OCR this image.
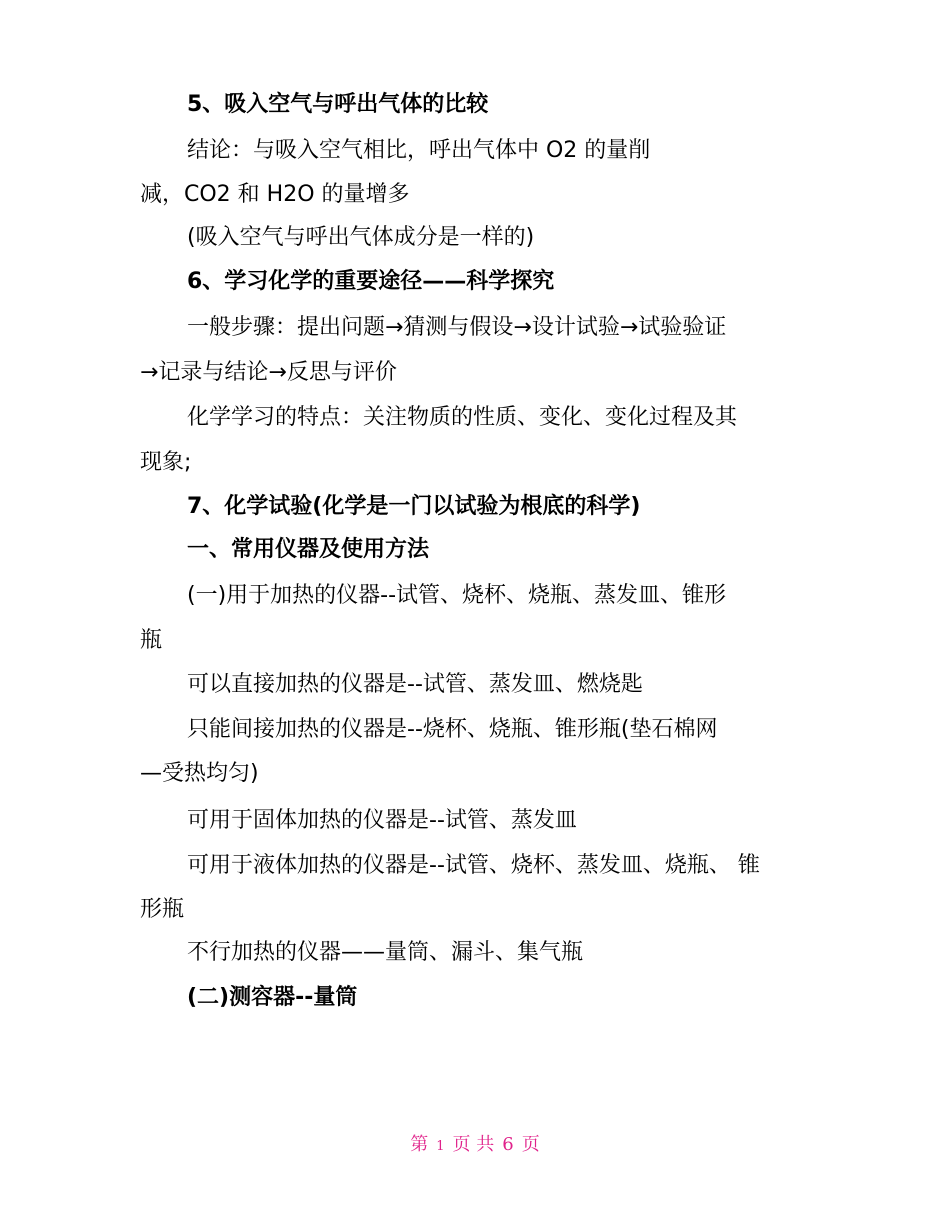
5、吸入空气与呼出气体的比较
结论：与吸入空气相比，呼出气体中 O2 的量削
减，CO2 和 H2O 的量增多
(吸入空气与呼出气体成分是一样的)
6、学习化学的重要途径——科学探究
一般步骤：提出问题→猜测与假设→设计试验→试验验证
→记录与结论→反思与评价
化学学习的特点：关注物质的性质、变化、变化过程及其
现象;
7、化学试验(化学是一门以试验为根底的科学)
一、常用仪器及使用方法
(一)用于加热的仪器--试管、烧杯、烧瓶、蒸发皿、锥形
瓶
可以直接加热的仪器是--试管、蒸发皿、燃烧匙
只能间接加热的仪器是--烧杯、烧瓶、锥形瓶(垫石棉网
—受热均匀)
可用于固体加热的仪器是--试管、蒸发皿
可用于液体加热的仪器是--试管、烧杯、蒸发皿、烧瓶、 锥
形瓶
不行加热的仪器——量筒、漏斗、集气瓶
(二)测容器--量筒
第 1 页 共 6 页
